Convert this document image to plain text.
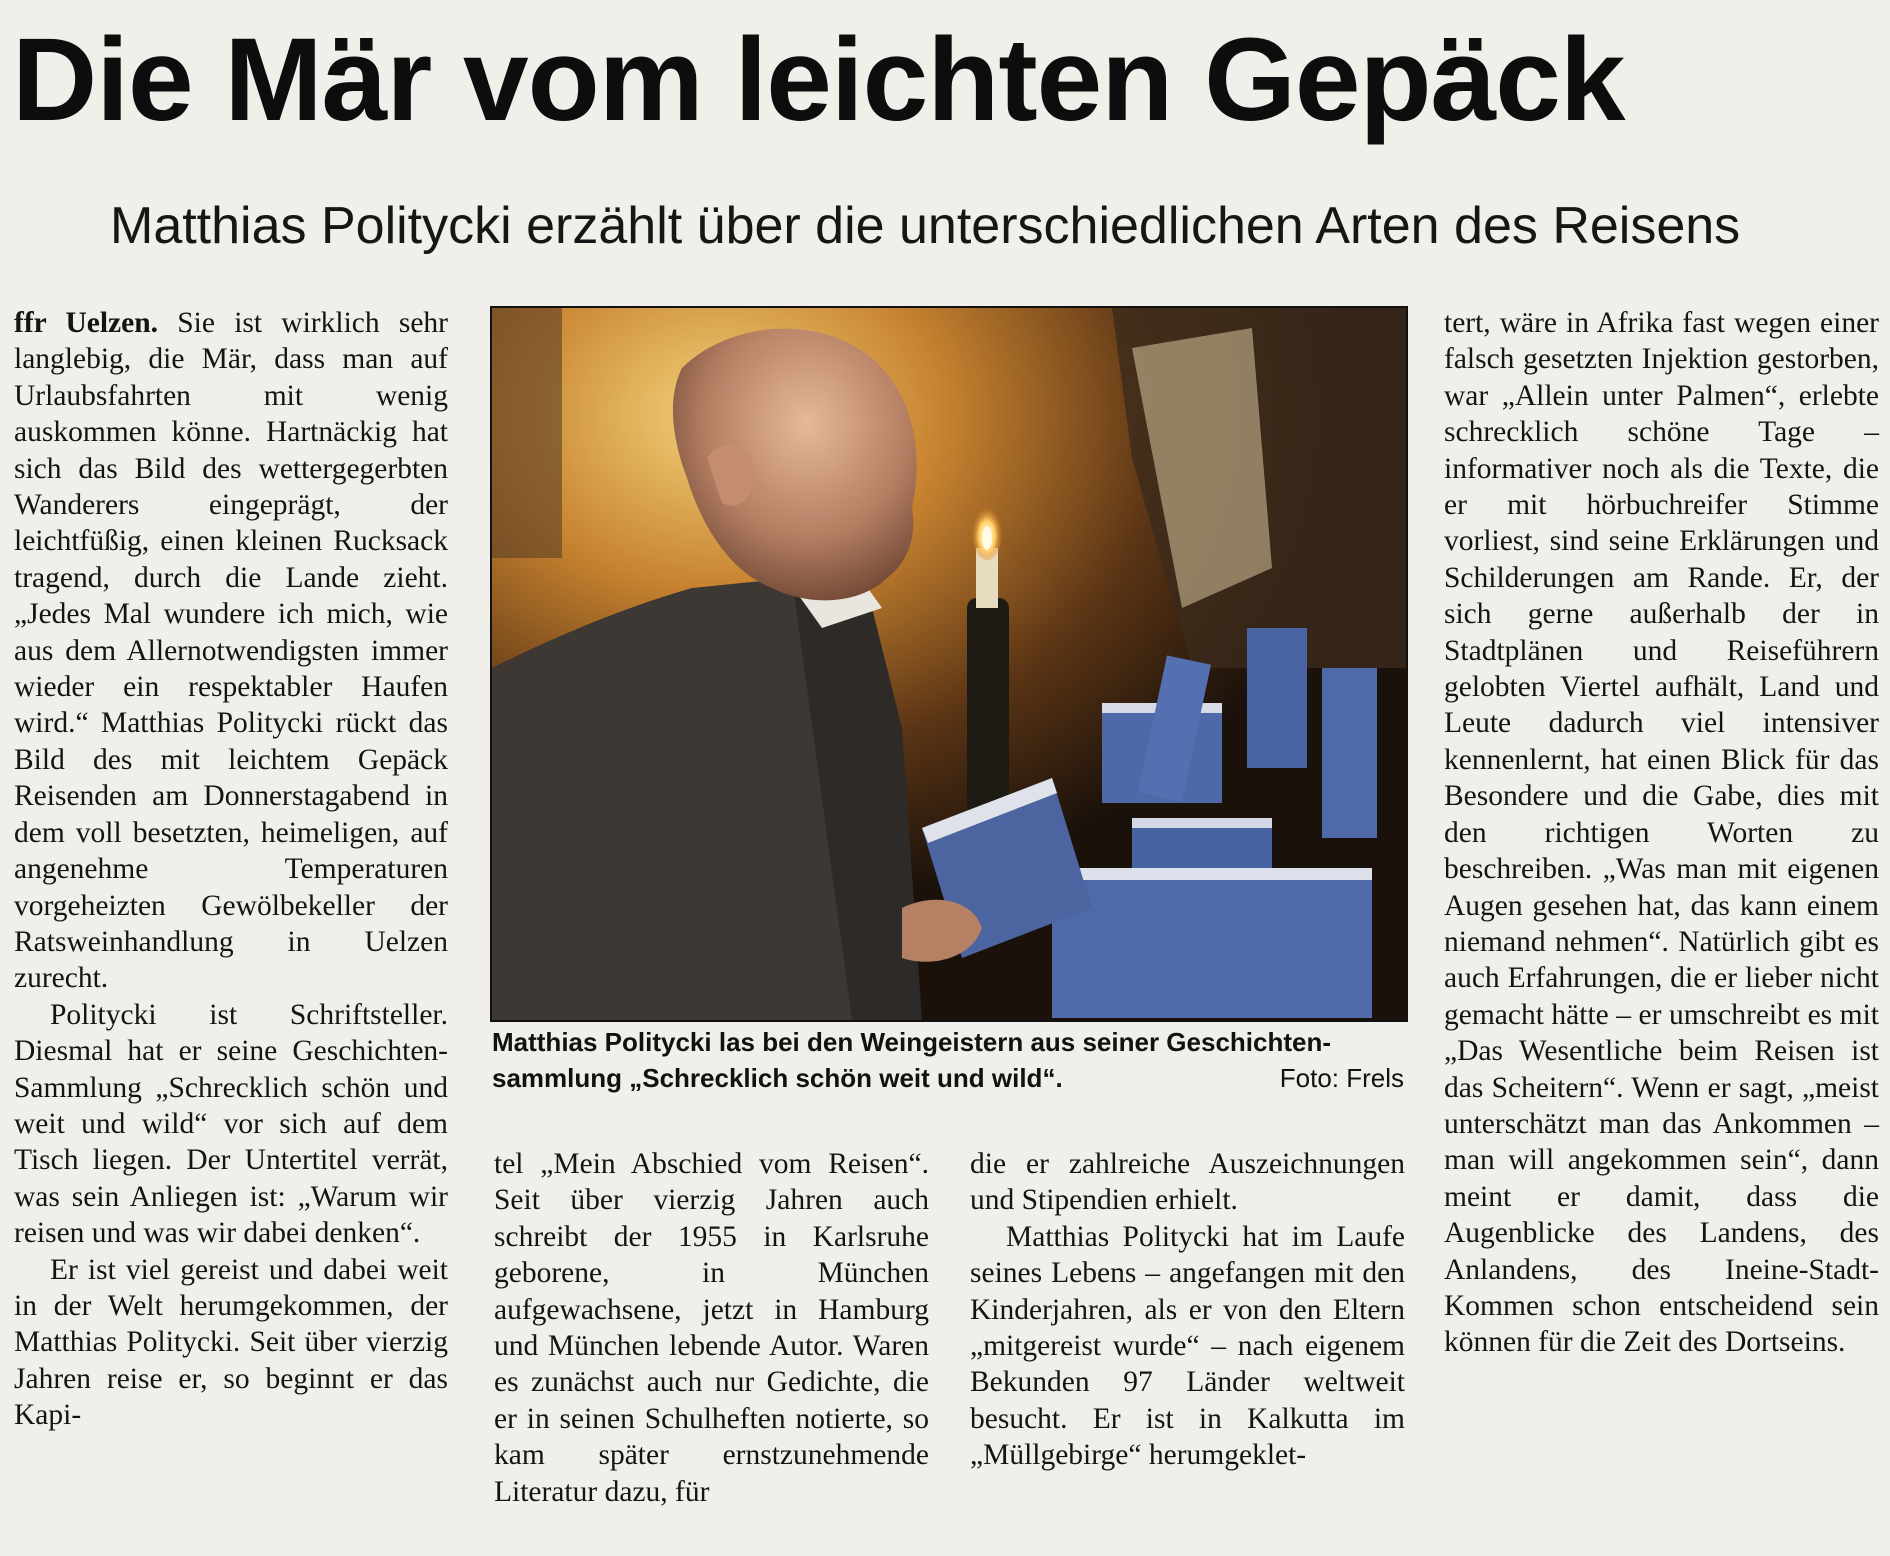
Die Mär vom leichten Gepäck
Matthias Politycki erzählt über die unterschiedlichen Arten des Reisens

ffr Uelzen. Sie ist wirklich sehr langlebig, die Mär, dass man auf Urlaubsfahrten mit wenig auskommen könne. Hartnäckig hat sich das Bild des wettergegerbten Wanderers eingeprägt, der leichtfüßig, einen kleinen Rucksack tragend, durch die Lande zieht. „Jedes Mal wundere ich mich, wie aus dem Allernotwendigsten immer wieder ein respektabler Haufen wird.“ Matthias Politycki rückt das Bild des mit leichtem Gepäck Reisenden am Donnerstagabend in dem voll besetzten, heimeligen, auf angenehme Temperaturen vorgeheizten Gewölbekeller der Ratsweinhandlung in Uelzen zurecht.

Politycki ist Schriftsteller. Diesmal hat er seine Geschichten-Sammlung „Schrecklich schön und weit und wild“ vor sich auf dem Tisch liegen. Der Untertitel verrät, was sein Anliegen ist: „Warum wir reisen und was wir dabei denken“.

Er ist viel gereist und dabei weit in der Welt herumgekommen, der Matthias Politycki. Seit über vierzig Jahren reise er, so beginnt er das Kapi-

Matthias Politycki las bei den Weingeistern aus seiner Geschichten-
sammlung „Schrecklich schön weit und wild“.	Foto: Frels

tel „Mein Abschied vom Reisen“. Seit über vierzig Jahren auch schreibt der 1955 in Karlsruhe geborene, in München aufgewachsene, jetzt in Hamburg und München lebende Autor. Waren es zunächst auch nur Gedichte, die er in seinen Schulheften notierte, so kam später ernstzunehmende Literatur dazu, für

die er zahlreiche Auszeichnungen und Stipendien erhielt.

Matthias Politycki hat im Laufe seines Lebens – angefangen mit den Kinderjahren, als er von den Eltern „mitgereist wurde“ – nach eigenem Bekunden 97 Länder weltweit besucht. Er ist in Kalkutta im „Müllgebirge“ herumgeklet-

tert, wäre in Afrika fast wegen einer falsch gesetzten Injektion gestorben, war „Allein unter Palmen“, erlebte schrecklich schöne Tage – informativer noch als die Texte, die er mit hörbuchreifer Stimme vorliest, sind seine Erklärungen und Schilderungen am Rande. Er, der sich gerne außerhalb der in Stadtplänen und Reiseführern gelobten Viertel aufhält, Land und Leute dadurch viel intensiver kennenlernt, hat einen Blick für das Besondere und die Gabe, dies mit den richtigen Worten zu beschreiben. „Was man mit eigenen Augen gesehen hat, das kann einem niemand nehmen“. Natürlich gibt es auch Erfahrungen, die er lieber nicht gemacht hätte – er umschreibt es mit „Das Wesentliche beim Reisen ist das Scheitern“. Wenn er sagt, „meist unterschätzt man das Ankommen – man will angekommen sein“, dann meint er damit, dass die Augenblicke des Landens, des Anlandens, des Ineine-Stadt-Kommen schon entscheidend sein können für die Zeit des Dortseins.
